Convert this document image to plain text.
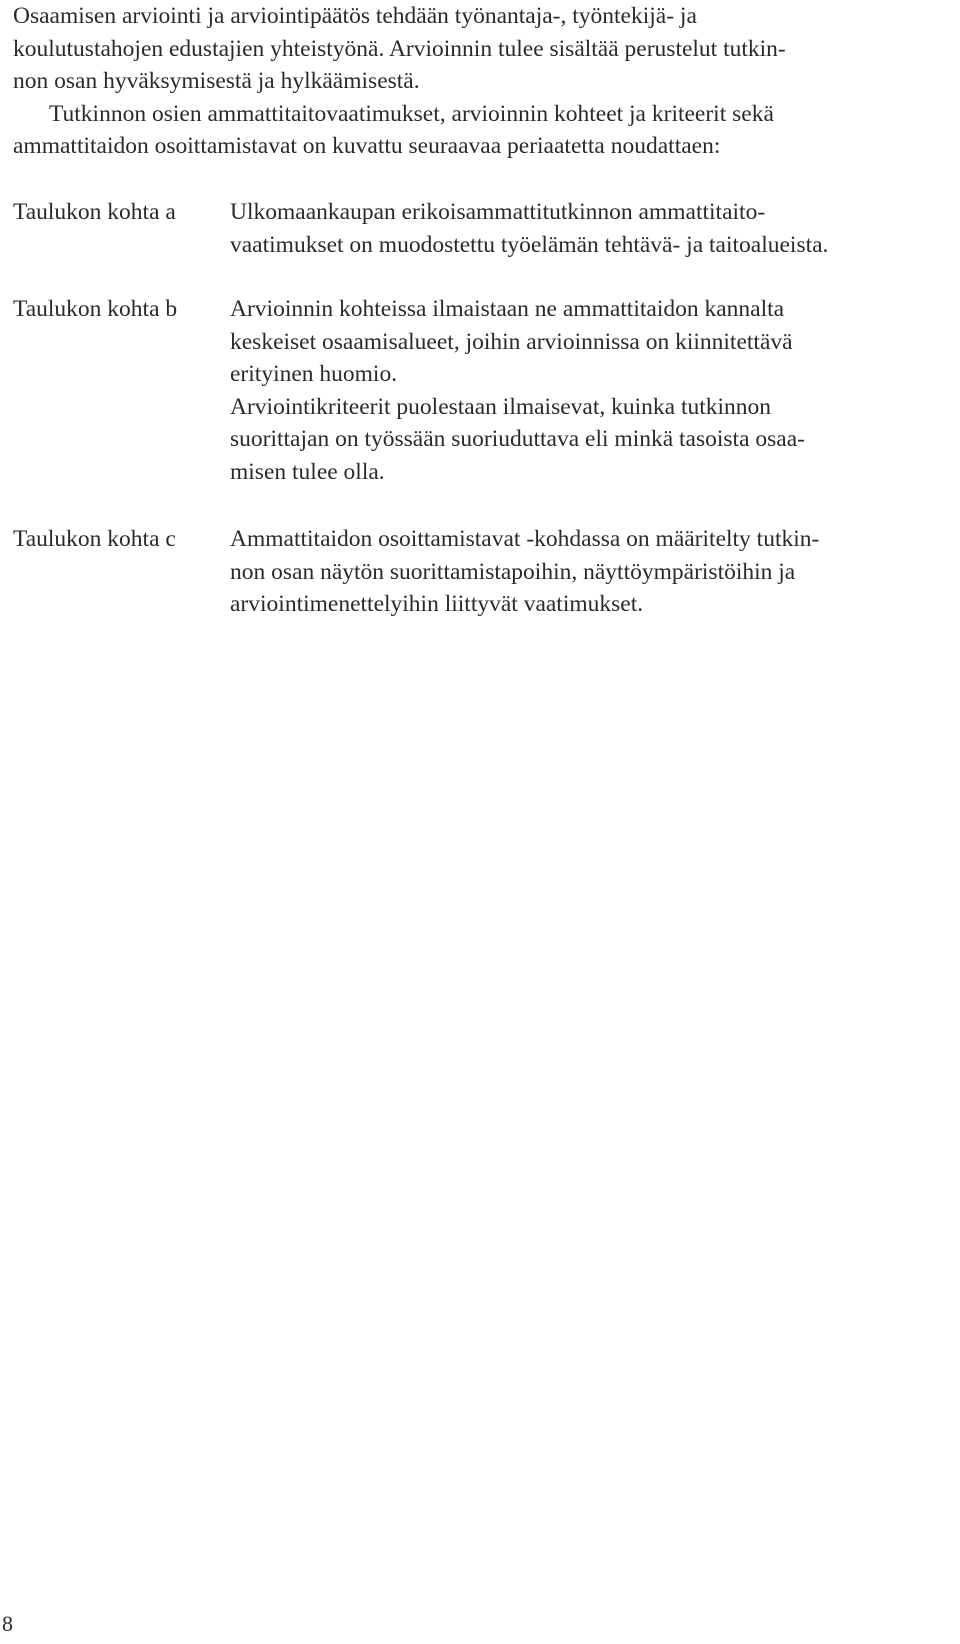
Osaamisen arviointi ja arviointipäätös tehdään työnantaja-, työntekijä- ja
koulutustahojen edustajien yhteistyönä. Arvioinnin tulee sisältää perustelut tutkin-
non osan hyväksymisestä ja hylkäämisestä.

Tutkinnon osien ammattitaitovaatimukset, arvioinnin kohteet ja kriteerit sekä
ammattitaidon osoittamistavat on kuvattu seuraavaa periaatetta noudattaen:

Taulukon kohta a Ulkomaankaupan erikoisammattitutkinnon ammattitaito-
vaatimukset on muodostettu työelämän tehtävä- ja taitoalueista.
Taulukon kohta b Arvioinnin kohteissa ilmaistaan ne ammattitaidon kannalta
keskeiset osaamisalueet, joihin arvioinnissa on kiinnitettävä
erityinen huomio.
Arviointikriteerit puolestaan ilmaisevat, kuinka tutkinnon
suorittajan on työssään suoriuduttava eli minkä tasoista osaa-
misen tulee olla.
Taulukon kohta c Ammattitaidon osoittamistavat -kohdassa on määritelty tutkin-
non osan näytön suorittamistapoihin, näyttöympäristöihin ja
arviointimenettelyihin liittyvät vaatimukset.
8
